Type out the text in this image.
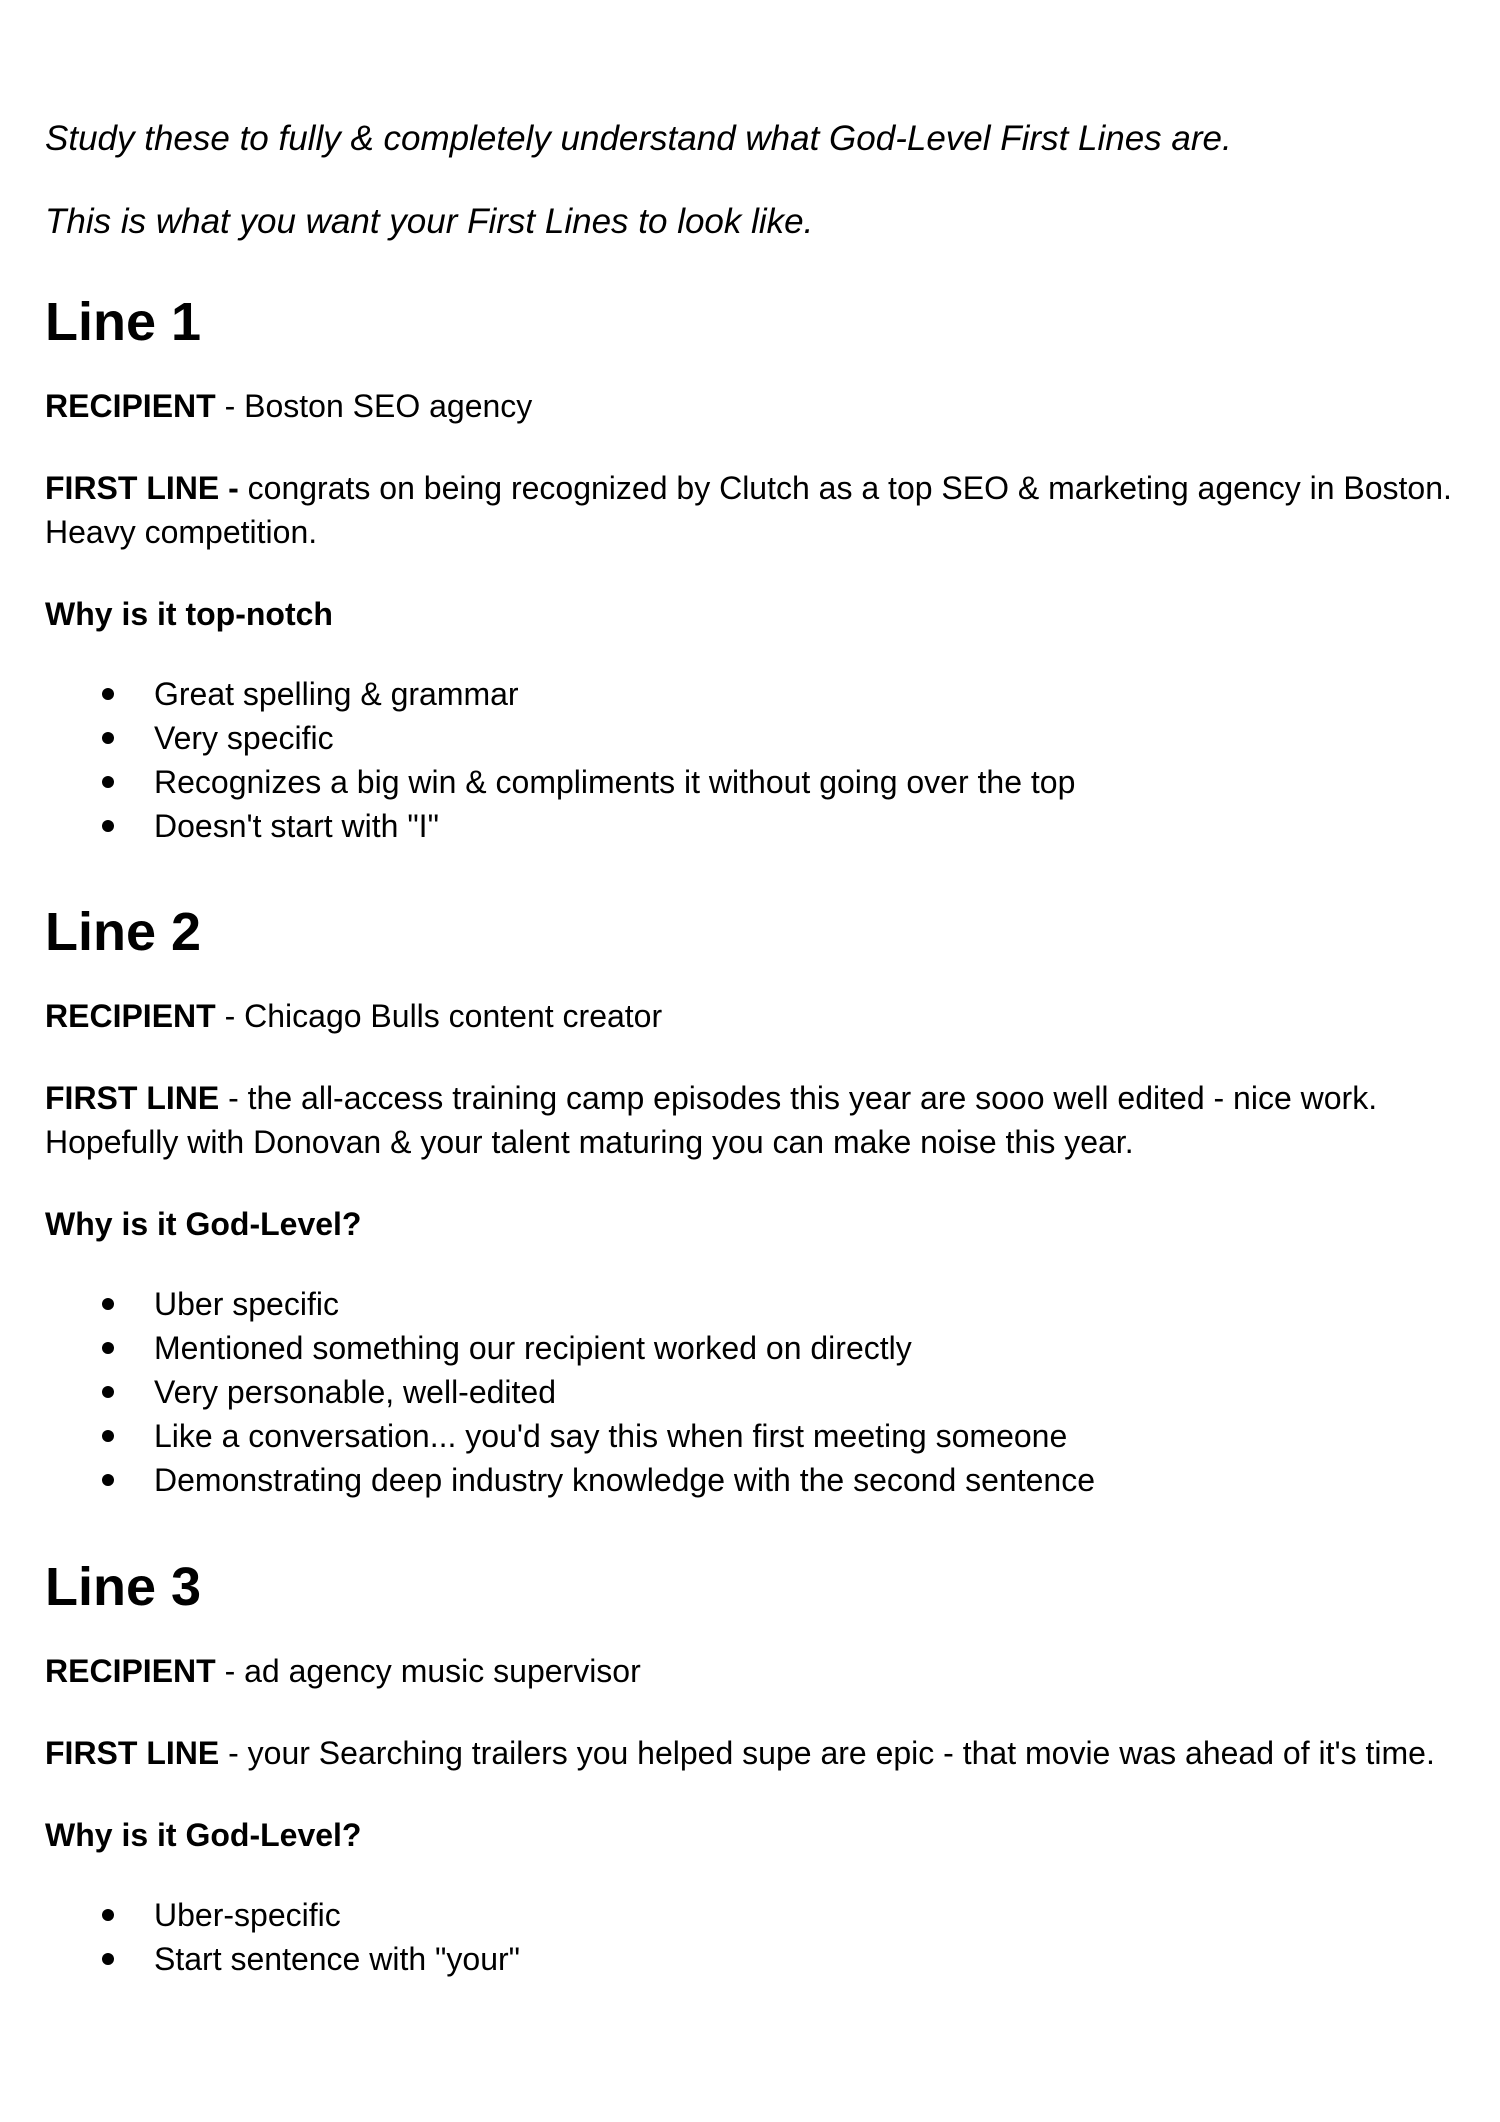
Study these to fully & completely understand what God-Level First Lines are.

This is what you want your First Lines to look like.

Line 1

RECIPIENT - Boston SEO agency

FIRST LINE - congrats on being recognized by Clutch as a top SEO & marketing agency in Boston. Heavy competition.

Why is it top-notch

Great spelling & grammar
Very specific
Recognizes a big win & compliments it without going over the top
Doesn't start with "I"
Line 2

RECIPIENT - Chicago Bulls content creator

FIRST LINE - the all-access training camp episodes this year are sooo well edited - nice work. Hopefully with Donovan & your talent maturing you can make noise this year.

Why is it God-Level?

Uber specific
Mentioned something our recipient worked on directly
Very personable, well-edited
Like a conversation... you'd say this when first meeting someone
Demonstrating deep industry knowledge with the second sentence
Line 3

RECIPIENT - ad agency music supervisor

FIRST LINE - your Searching trailers you helped supe are epic - that movie was ahead of it's time.

Why is it God-Level?

Uber-specific
Start sentence with "your"
